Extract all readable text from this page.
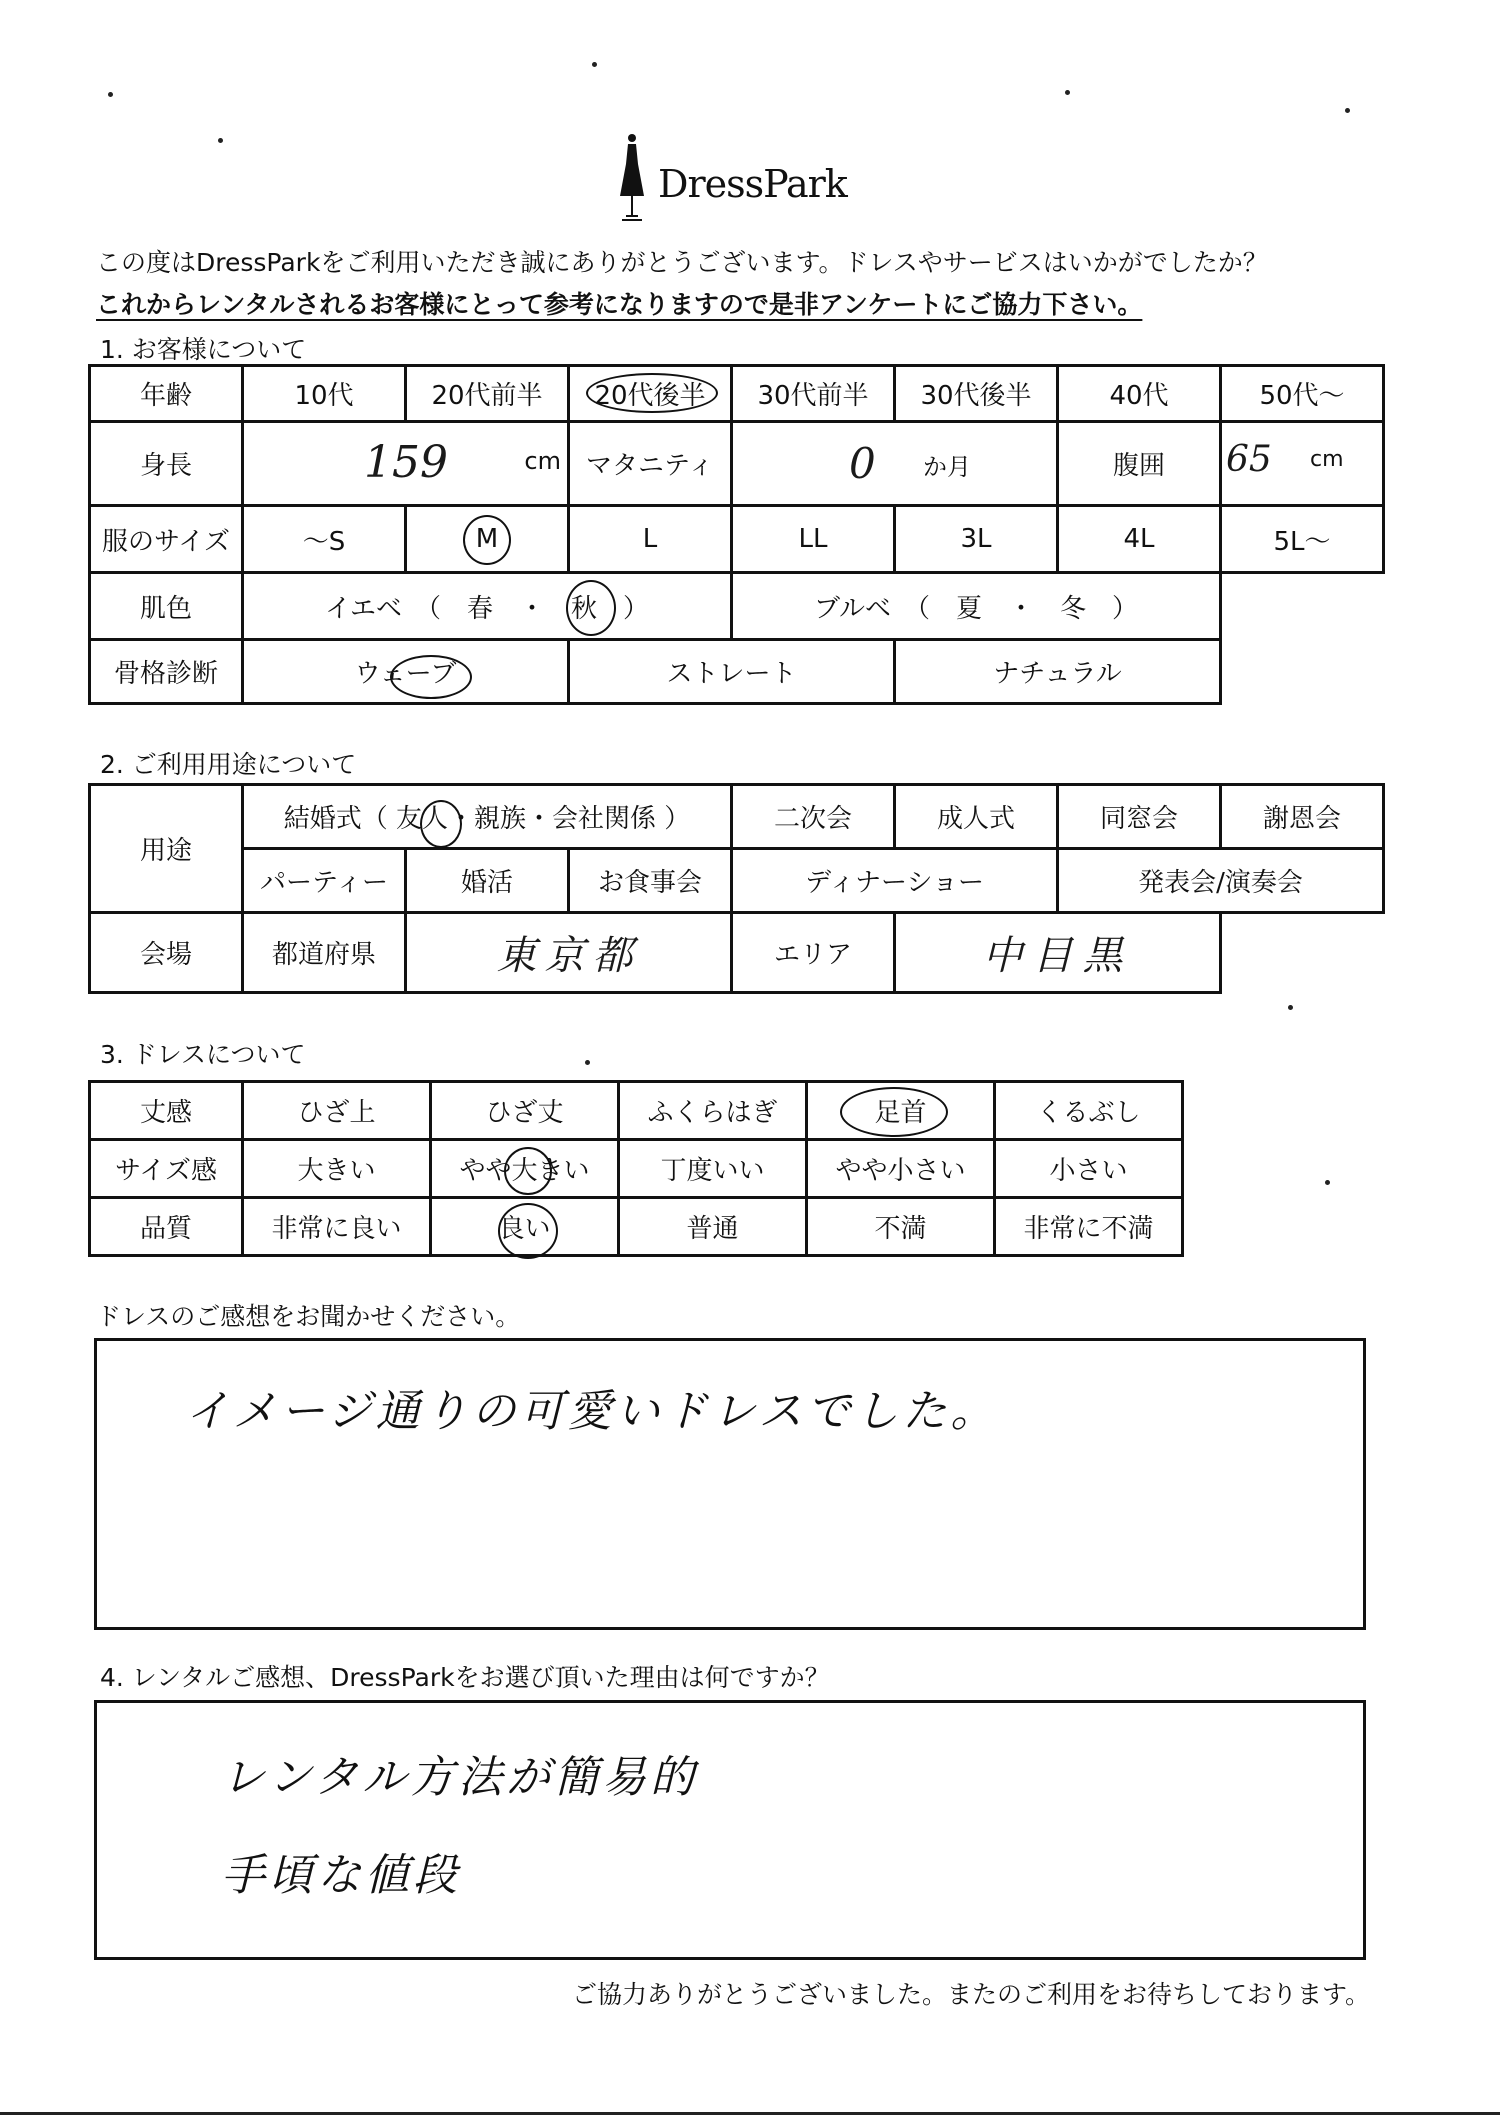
DressPark
この度はDressParkをご利用いただき誠にありがとうございます。ドレスやサービスはいかがでしたか？
これからレンタルされるお客様にとって参考になりますので是非アンケートにご協力下さい。
1. お客様について
年齢	10代	20代前半	20代後半	30代前半	30代後半	40代	50代〜
身長	159 cm		マタニティ	0 か月		腹囲	65 cm

服のサイズ	〜S	M	L	LL	3L	4L	5L〜
肌色	イエベ　（　春　・　秋　）			ブルベ　（　夏　・　冬　）			
骨格診断	ウェーブ		ストレート		ナチュラル		
2. ご利用用途について
用途	結婚式（ 友人・親族・会社関係 ）			二次会	成人式	同窓会	謝恩会
	パーティー	婚活	お食事会	ディナーショー		発表会/演奏会	
会場	都道府県	東京都		エリア	中目黒		
3. ドレスについて
丈感	ひざ上	ひざ丈	ふくらはぎ	足首	くるぶし
サイズ感	大きい	やや大きい	丁度いい	やや小さい	小さい
品質	非常に良い	良い	普通	不満	非常に不満
ドレスのご感想をお聞かせください。
イメージ通りの可愛いドレスでした。
4. レンタルご感想、DressParkをお選び頂いた理由は何ですか？
レンタル方法が簡易的
手頃な値段
ご協力ありがとうございました。またのご利用をお待ちしております。
